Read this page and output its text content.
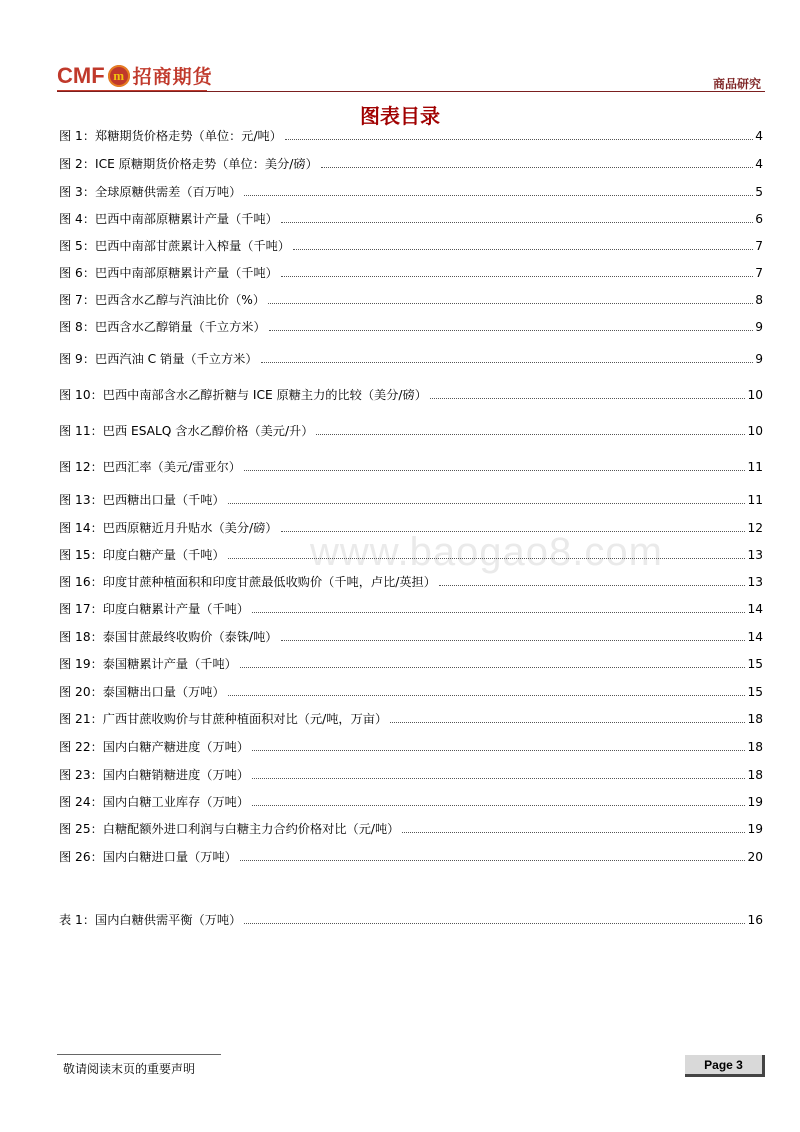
CMF m 招商期货	商品研究
图表目录
www.baogao8.com
图 1：郑糖期货价格走势（单位：元/吨）	4
图 2：ICE 原糖期货价格走势（单位：美分/磅）	4
图 3：全球原糖供需差（百万吨）	5
图 4：巴西中南部原糖累计产量（千吨）	6
图 5：巴西中南部甘蔗累计入榨量（千吨）	7
图 6：巴西中南部原糖累计产量（千吨）	7
图 7：巴西含水乙醇与汽油比价（%）	8
图 8：巴西含水乙醇销量（千立方米）	9
图 9：巴西汽油 C 销量（千立方米）	9
图 10：巴西中南部含水乙醇折糖与 ICE 原糖主力的比较（美分/磅）	10
图 11：巴西 ESALQ 含水乙醇价格（美元/升）	10
图 12：巴西汇率（美元/雷亚尔）	11
图 13：巴西糖出口量（千吨）	11
图 14：巴西原糖近月升贴水（美分/磅）	12
图 15：印度白糖产量（千吨）	13
图 16：印度甘蔗种植面积和印度甘蔗最低收购价（千吨，卢比/英担）	13
图 17：印度白糖累计产量（千吨）	14
图 18：泰国甘蔗最终收购价（泰铢/吨）	14
图 19：泰国糖累计产量（千吨）	15
图 20：泰国糖出口量（万吨）	15
图 21：广西甘蔗收购价与甘蔗种植面积对比（元/吨，万亩）	18
图 22：国内白糖产糖进度（万吨）	18
图 23：国内白糖销糖进度（万吨）	18
图 24：国内白糖工业库存（万吨）	19
图 25：白糖配额外进口利润与白糖主力合约价格对比（元/吨）	19
图 26：国内白糖进口量（万吨）	20
表 1：国内白糖供需平衡（万吨）	16
敬请阅读末页的重要声明	Page 3
